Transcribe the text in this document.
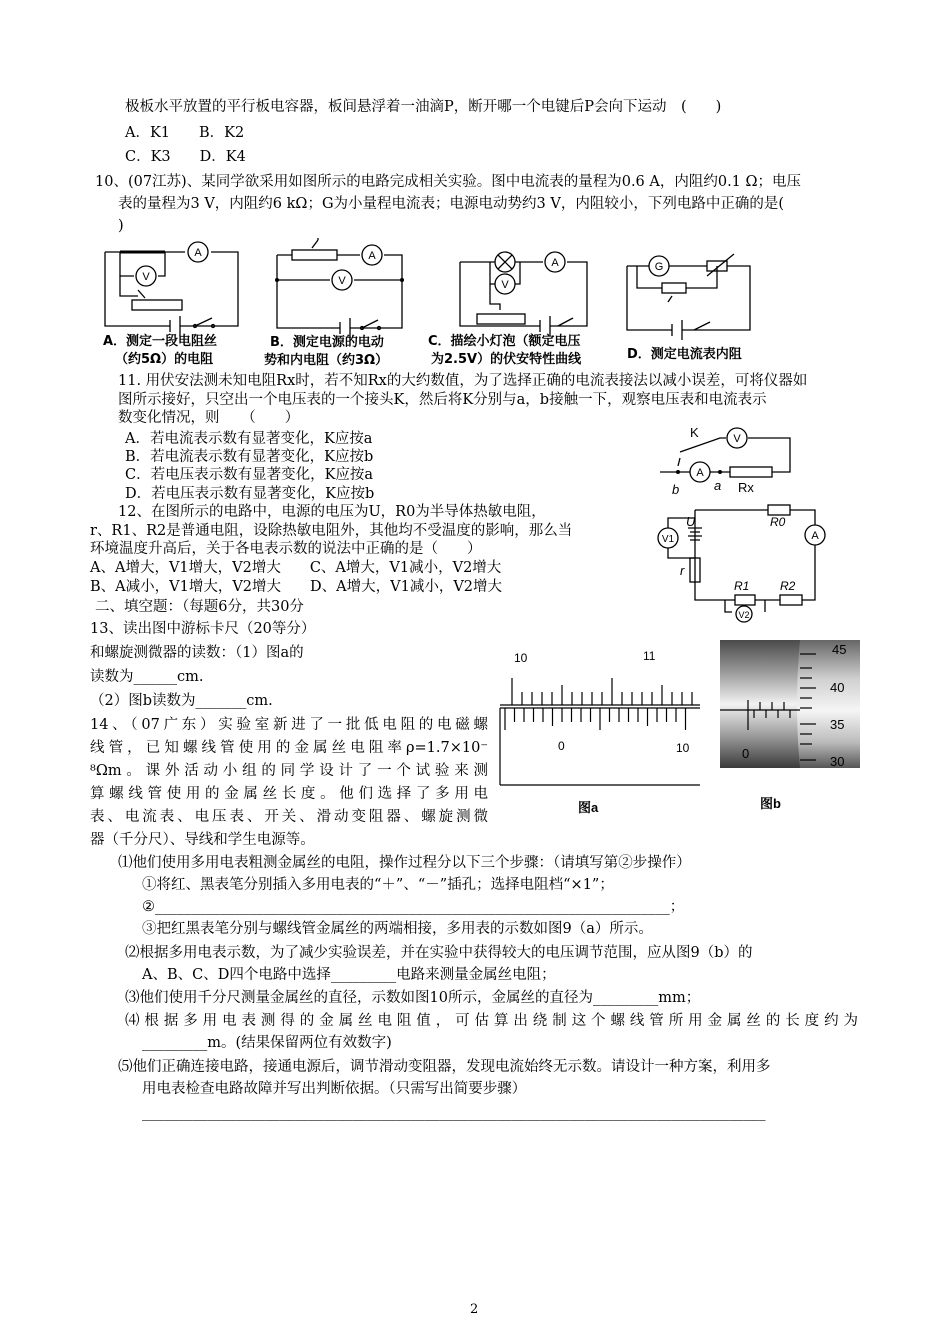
极板水平放置的平行板电容器，板间悬浮着一油滴P，断开哪一个电键后P会向下运动　(　　)
A．K1　　B．K2
C．K3　　D．K4
10、(07江苏)、某同学欲采用如图所示的电路完成相关实验。图中电流表的量程为0.6 A，内阻约0.1 Ω；电压
表的量程为3 V，内阻约6 kΩ；G为小量程电流表；电源电动势约3 V，内阻较小，下列电路中正确的是(
)
A
V
A．测定一段电阻丝
（约5Ω）的电阻
A
V
B．测定电源的电动
势和内电阻（约3Ω）
A
V
C．描绘小灯泡（额定电压
为2.5V）的伏安特性曲线
G
D．测定电流表内阻
11. 用伏安法测未知电阻Rx时，若不知Rx的大约数值，为了选择正确的电流表接法以减小误差，可将仪器如
图所示接好，只空出一个电压表的一个接头K，然后将K分别与a，b接触一下，观察电压表和电流表示
数变化情况，则　　（　　）
A．若电流表示数有显著变化，K应按a
B．若电流表示数有显著变化，K应按b
C．若电压表示数有显著变化，K应按a
D．若电压表示数有显著变化，K应按b
K	V
A
b	a Rx
12、在图所示的电路中，电源的电压为U，R0为半导体热敏电阻，
r、R1、R2是普通电阻，设除热敏电阻外，其他均不受温度的影响，那么当
环境温度升高后，关于各电表示数的说法中正确的是（　　）
A、A增大，V1增大，V2增大　　C、A增大，V1减小，V2增大
B、A减小，V1增大，V2增大　　D、A增大，V1减小，V2增大
U	R0
A
V1
r
R1	R2
V2
二、填空题：（每题6分，共30分
13、读出图中游标卡尺（20等分）
和螺旋测微器的读数：（1）图a的
读数为______cm.
（2）图b读数为_______cm.
10	11
0	10
图a
45
40
35
30
0
图b
14、（07广东）实验室新进了一批低电阻的电磁螺
线管，已知螺线管使用的金属丝电阻率ρ=1.7×10⁻
⁸Ωm。课外活动小组的同学设计了一个试验来测
算螺线管使用的金属丝长度。他们选择了多用电
表、电流表、电压表、开关、滑动变阻器、螺旋测微
器（千分尺）、导线和学生电源等。
⑴他们使用多用电表粗测金属丝的电阻，操作过程分以下三个步骤：（请填写第②步操作）
①将红、黑表笔分别插入多用电表的“＋”、“－”插孔；选择电阻档“×1”；
②_______________________________________________________________________；
③把红黑表笔分别与螺线管金属丝的两端相接，多用表的示数如图9（a）所示。
⑵根据多用电表示数，为了减少实验误差，并在实验中获得较大的电压调节范围，应从图9（b）的
A、B、C、D四个电路中选择_________电路来测量金属丝电阻；
⑶他们使用千分尺测量金属丝的直径，示数如图10所示，金属丝的直径为_________mm；
⑷根据多用电表测得的金属丝电阻值，可估算出绕制这个螺线管所用金属丝的长度约为
_________m。(结果保留两位有效数字)
⑸他们正确连接电路，接通电源后，调节滑动变阻器，发现电流始终无示数。请设计一种方案，利用多
用电表检查电路故障并写出判断依据。（只需写出简要步骤）
______________________________________________________________________________________
2
